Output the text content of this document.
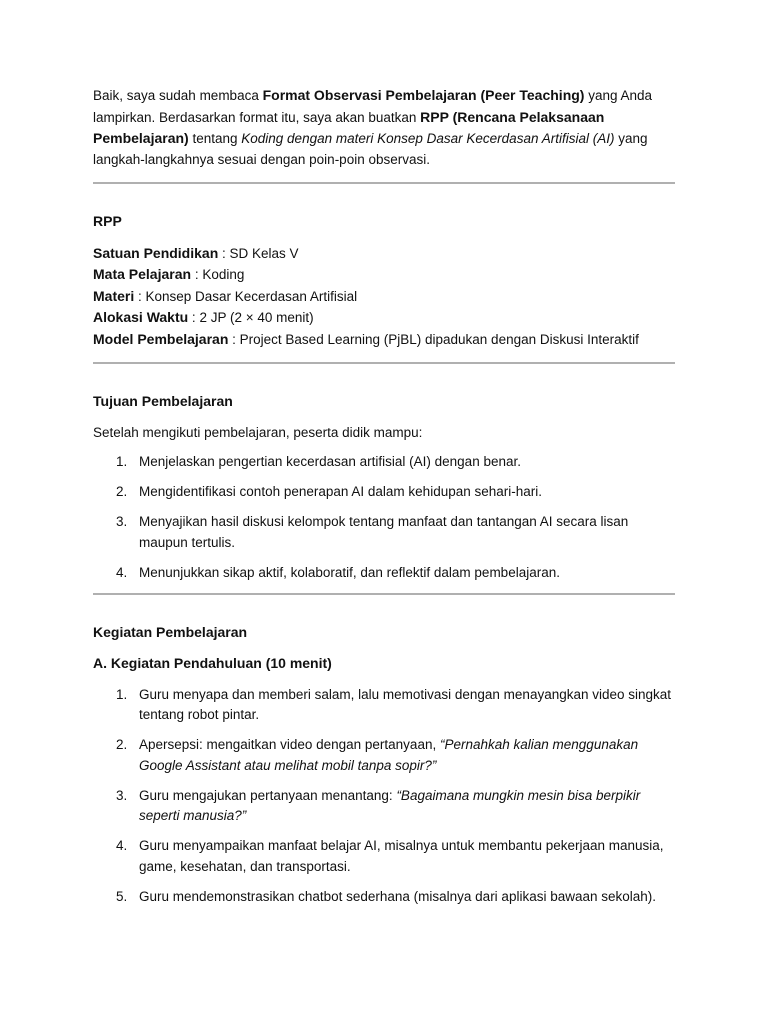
Baik, saya sudah membaca Format Observasi Pembelajaran (Peer Teaching) yang Anda lampirkan. Berdasarkan format itu, saya akan buatkan RPP (Rencana Pelaksanaan Pembelajaran) tentang Koding dengan materi Konsep Dasar Kecerdasan Artifisial (AI) yang langkah-langkahnya sesuai dengan poin-poin observasi.

RPP

Satuan Pendidikan : SD Kelas V

Mata Pelajaran : Koding

Materi : Konsep Dasar Kecerdasan Artifisial

Alokasi Waktu : 2 JP (2 × 40 menit)

Model Pembelajaran : Project Based Learning (PjBL) dipadukan dengan Diskusi Interaktif

Tujuan Pembelajaran

Setelah mengikuti pembelajaran, peserta didik mampu:

1. Menjelaskan pengertian kecerdasan artifisial (AI) dengan benar.
2. Mengidentifikasi contoh penerapan AI dalam kehidupan sehari-hari.
3. Menyajikan hasil diskusi kelompok tentang manfaat dan tantangan AI secara lisan maupun tertulis.
4. Menunjukkan sikap aktif, kolaboratif, dan reflektif dalam pembelajaran.

Kegiatan Pembelajaran

A. Kegiatan Pendahuluan (10 menit)

1. Guru menyapa dan memberi salam, lalu memotivasi dengan menayangkan video singkat tentang robot pintar.
2. Apersepsi: mengaitkan video dengan pertanyaan, “Pernahkah kalian menggunakan Google Assistant atau melihat mobil tanpa sopir?”
3. Guru mengajukan pertanyaan menantang: “Bagaimana mungkin mesin bisa berpikir seperti manusia?”
4. Guru menyampaikan manfaat belajar AI, misalnya untuk membantu pekerjaan manusia, game, kesehatan, dan transportasi.
5. Guru mendemonstrasikan chatbot sederhana (misalnya dari aplikasi bawaan sekolah).
